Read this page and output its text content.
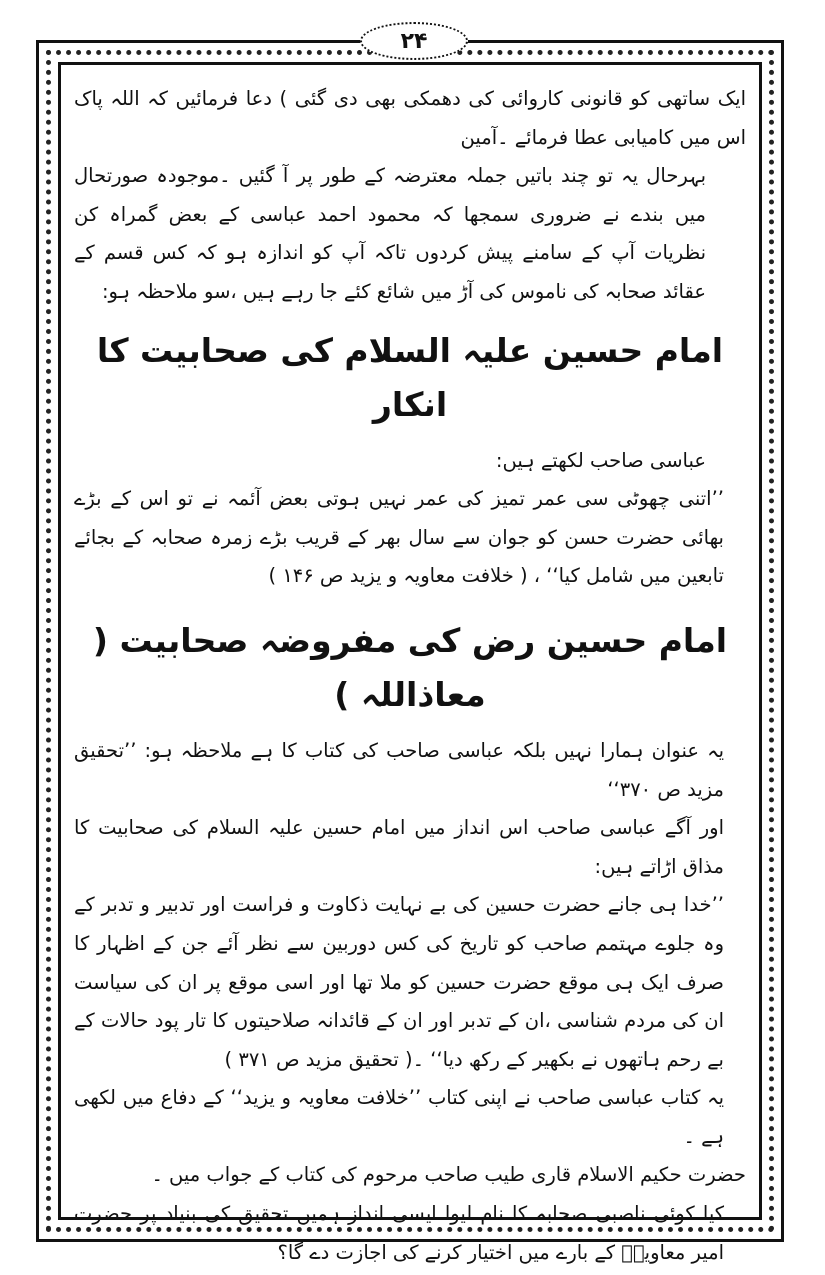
۲۴

ایک ساتھی کو قانونی کاروائی کی دھمکی بھی دی گئی ) دعا فرمائیں کہ اللہ پاک اس میں کامیابی عطا فرمائے ۔آمین

بہرحال یہ تو چند باتیں جملہ معترضہ کے طور پر آ گئیں ۔موجودہ صورتحال میں بندے نے ضروری سمجھا کہ محمود احمد عباسی کے بعض گمراہ کن نظریات آپ کے سامنے پیش کردوں تاکہ آپ کو اندازہ ہو کہ کس قسم کے عقائد صحابہ کی ناموس کی آڑ میں شائع کئے جا رہے ہیں ،سو ملاحظہ ہو:

امام حسین علیہ السلام کی صحابیت کا انکار

عباسی صاحب لکھتے ہیں:

’’اتنی چھوٹی سی عمر تمیز کی عمر نہیں ہوتی بعض آئمہ نے تو اس کے بڑے بھائی حضرت حسن کو جوان سے سال بھر کے قریب بڑے زمرہ صحابہ کے بجائے تابعین میں شامل کیا‘‘ ، ( خلافت معاویہ و یزید ص ۱۴۶ )

امام حسین رض کی مفروضہ صحابیت ( معاذاللہ )

یہ عنوان ہمارا نہیں بلکہ عباسی صاحب کی کتاب کا ہے ملاحظہ ہو: ’’تحقیق مزید ص ۳۷۰‘‘

اور آگے عباسی صاحب اس انداز میں امام حسین علیہ السلام کی صحابیت کا مذاق اڑاتے ہیں:

’’خدا ہی جانے حضرت حسین کی بے نہایت ذکاوت و فراست اور تدبیر و تدبر کے وہ جلوے مہتمم صاحب کو تاریخ کی کس دوربین سے نظر آئے جن کے اظہار کا صرف ایک ہی موقع حضرت حسین کو ملا تھا اور اسی موقع پر ان کی سیاست ان کی مردم شناسی ،ان کے تدبر اور ان کے قائدانہ صلاحیتوں کا تار پود حالات کے بے رحم ہاتھوں نے بکھیر کے رکھ دیا‘‘ ۔( تحقیق مزید ص ۳۷۱ )

یہ کتاب عباسی صاحب نے اپنی کتاب ’’خلافت معاویہ و یزید‘‘ کے دفاع میں لکھی ہے ۔

حضرت حکیم الاسلام قاری طیب صاحب مرحوم کی کتاب کے جواب میں ۔

کیا کوئی ناصبی صحابہ کا نام لیوا ایسی انداز ہمیں تحقیق کی بنیاد پر حضرت امیر معاویہؓ کے بارے میں اختیار کرنے کی اجازت دے گا؟
